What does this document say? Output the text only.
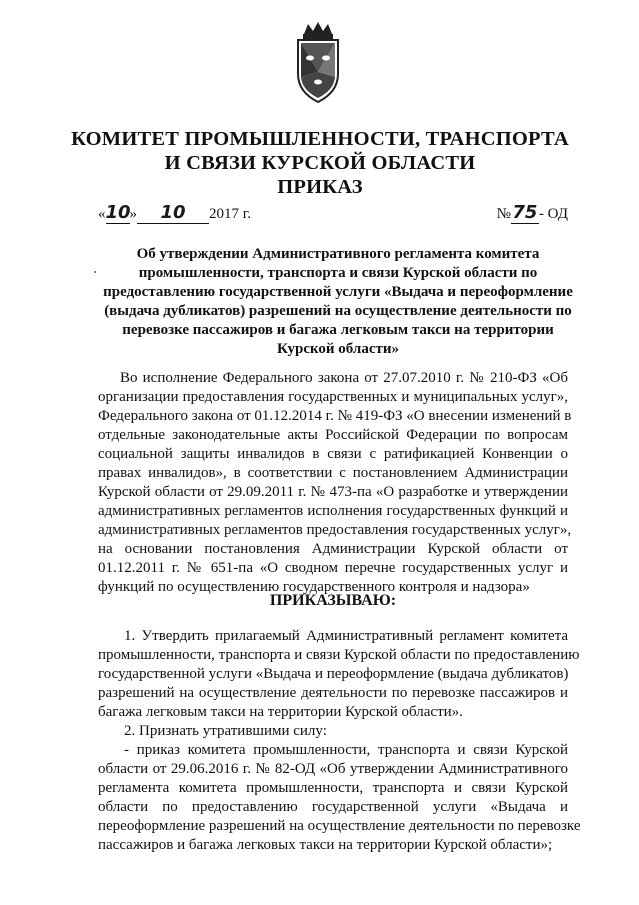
КОМИТЕТ ПРОМЫШЛЕННОСТИ, ТРАНСПОРТА
И СВЯЗИ КУРСКОЙ ОБЛАСТИ
ПРИКАЗ
«10» 10 2017 г.	№75- ОД
Об утверждении Административного регламента комитета
промышленности, транспорта и связи Курской области по
предоставлению государственной услуги «Выдача и переоформление
(выдача дубликатов) разрешений на осуществление деятельности по
перевозке пассажиров и багажа легковым такси на территории
Курской области»
Во исполнение Федерального закона от 27.07.2010 г. № 210-ФЗ «Об
организации предоставления государственных и муниципальных услуг»,
Федерального закона от 01.12.2014 г. № 419-ФЗ «О внесении изменений в
отдельные законодательные акты Российской Федерации по вопросам
социальной защиты инвалидов в связи с ратификацией Конвенции о
правах инвалидов», в соответствии с постановлением Администрации
Курской области от 29.09.2011 г. № 473-па «О разработке и утверждении
административных регламентов исполнения государственных функций и
административных регламентов предоставления государственных услуг»,
на основании постановления Администрации Курской области от
01.12.2011 г. № 651-па «О сводном перечне государственных услуг и
функций по осуществлению государственного контроля и надзора»
ПРИКАЗЫВАЮ:
1. Утвердить прилагаемый Административный регламент комитета
промышленности, транспорта и связи Курской области по предоставлению
государственной услуги «Выдача и переоформление (выдача дубликатов)
разрешений на осуществление деятельности по перевозке пассажиров и
багажа легковым такси на территории Курской области».
2. Признать утратившими силу:
- приказ комитета промышленности, транспорта и связи Курской
области от 29.06.2016 г. № 82-ОД «Об утверждении Административного
регламента комитета промышленности, транспорта и связи Курской
области по предоставлению государственной услуги «Выдача и
переоформление разрешений на осуществление деятельности по перевозке
пассажиров и багажа легковых такси на территории Курской области»;
